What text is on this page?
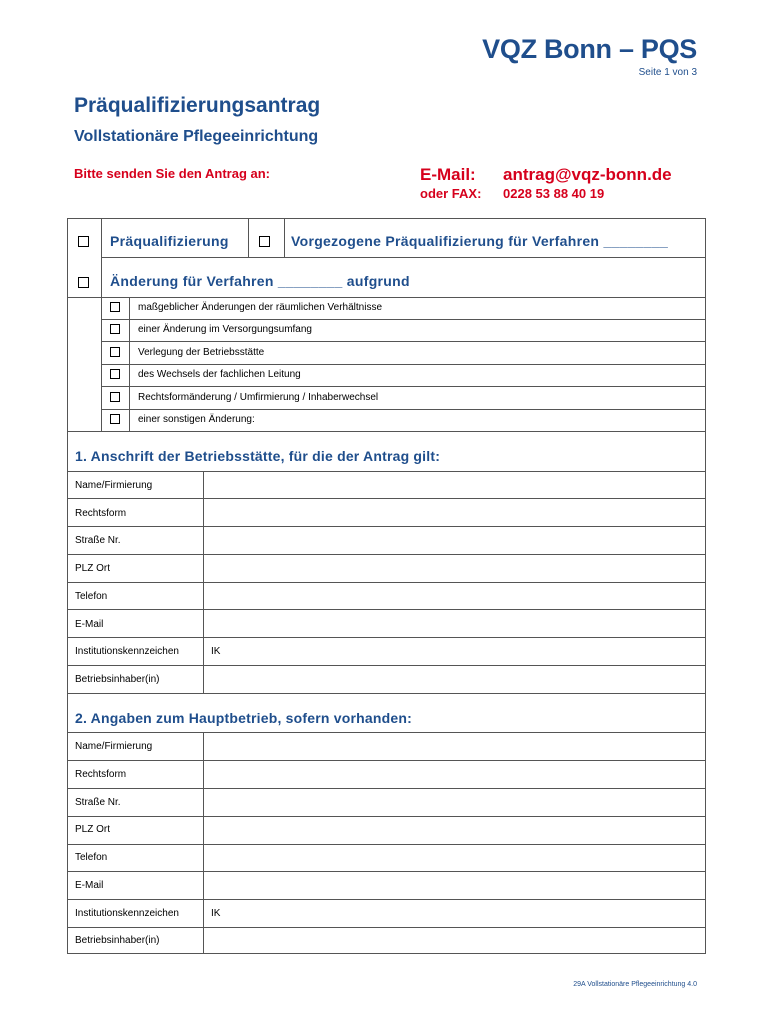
VQZ Bonn – PQS
Seite 1 von 3
Präqualifizierungsantrag
Vollstationäre Pflegeeinrichtung
Bitte senden Sie den Antrag an:	E-Mail: antrag@vqz-bonn.de
oder FAX: 0228 53 88 40 19
Präqualifizierung	Vorgezogene Präqualifizierung für Verfahren ________
Änderung für Verfahren ________ aufgrund
maßgeblicher Änderungen der räumlichen Verhältnisse
einer Änderung im Versorgungsumfang
Verlegung der Betriebsstätte
des Wechsels der fachlichen Leitung
Rechtsformänderung / Umfirmierung / Inhaberwechsel
einer sonstigen Änderung:
1. Anschrift der Betriebsstätte, für die der Antrag gilt:
Name/Firmierung
Rechtsform
Straße Nr.
PLZ Ort
Telefon
E-Mail
Institutionskennzeichen	IK
Betriebsinhaber(in)
2. Angaben zum Hauptbetrieb, sofern vorhanden:
Name/Firmierung
Rechtsform
Straße Nr.
PLZ Ort
Telefon
E-Mail
Institutionskennzeichen	IK
Betriebsinhaber(in)
29A Vollstationäre Pflegeeinrichtung 4.0
